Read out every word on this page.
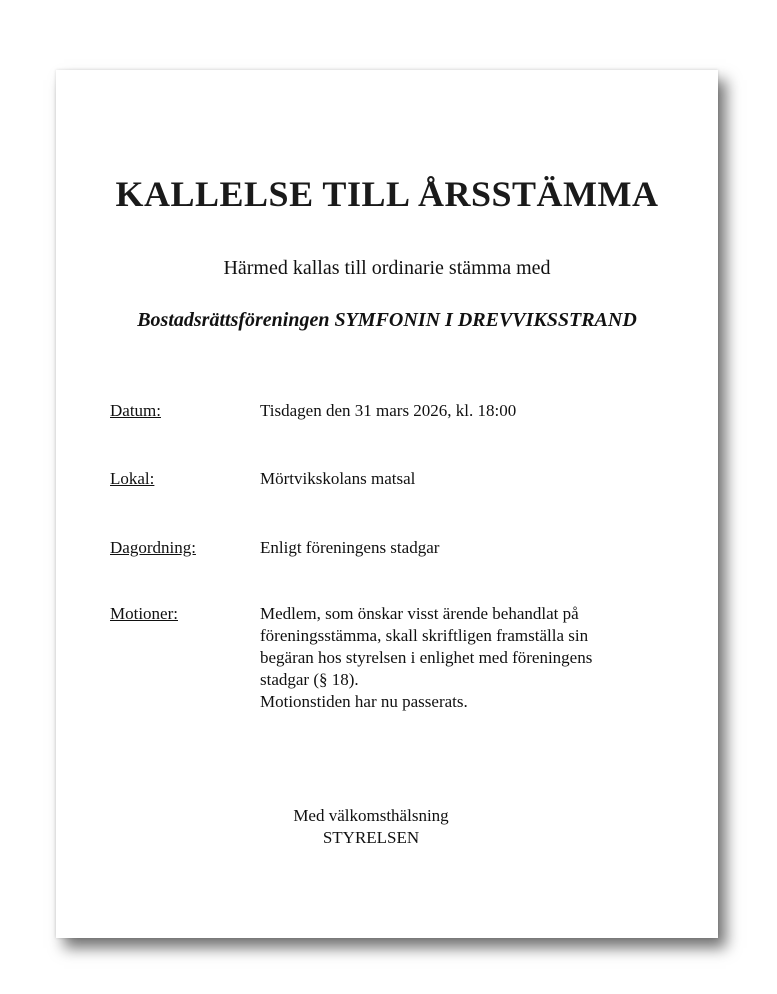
KALLELSE TILL ÅRSSTÄMMA
Härmed kallas till ordinarie stämma med
Bostadsrättsföreningen SYMFONIN I DREVVIKSSTRAND
Datum:	Tisdagen den 31 mars 2026, kl. 18:00
Lokal:	Mörtvikskolans matsal
Dagordning:	Enligt föreningens stadgar
Motioner:	Medlem, som önskar visst ärende behandlat på
föreningsstämma, skall skriftligen framställa sin
begäran hos styrelsen i enlighet med föreningens
stadgar (§ 18).
Motionstiden har nu passerats.
Med välkomsthälsning
STYRELSEN
